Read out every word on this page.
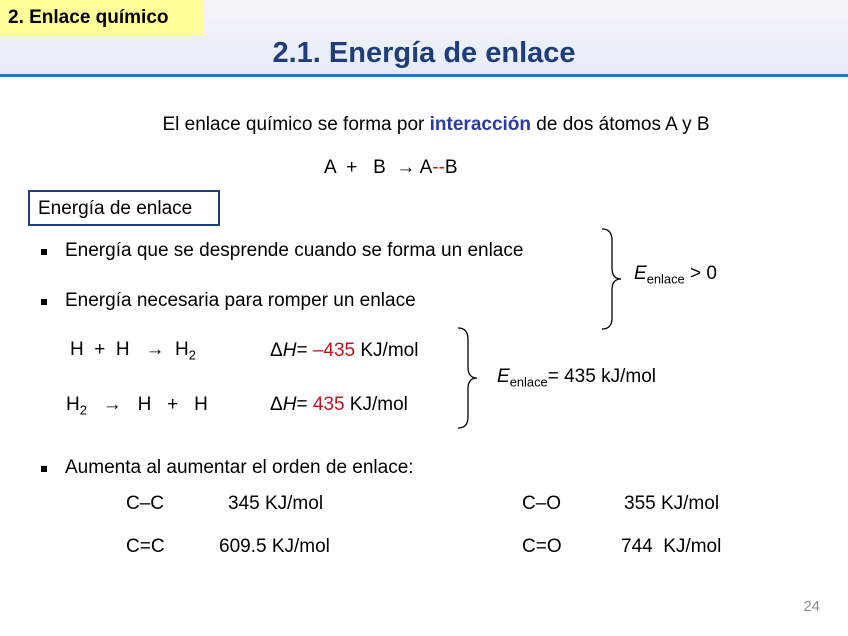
2. Enlace químico
2.1. Energía de enlace
El enlace químico se forma por interacción de dos átomos A y B
A  +   B  → A--B
Energía de enlace
Energía que se desprende cuando se forma un enlace
Energía necesaria para romper un enlace
$E_{enlace} > 0$
$H + H \to H_2$	ΔH= –435 KJ/mol
$H_2 \to H + H$	ΔH= 435 KJ/mol
$E_{enlace}= 435$ kJ/mol
Aumenta al aumentar el orden de enlace:
C–C	345 KJ/mol	C–O	355 KJ/mol
C=C	609.5 KJ/mol	C=O	744  KJ/mol
24
